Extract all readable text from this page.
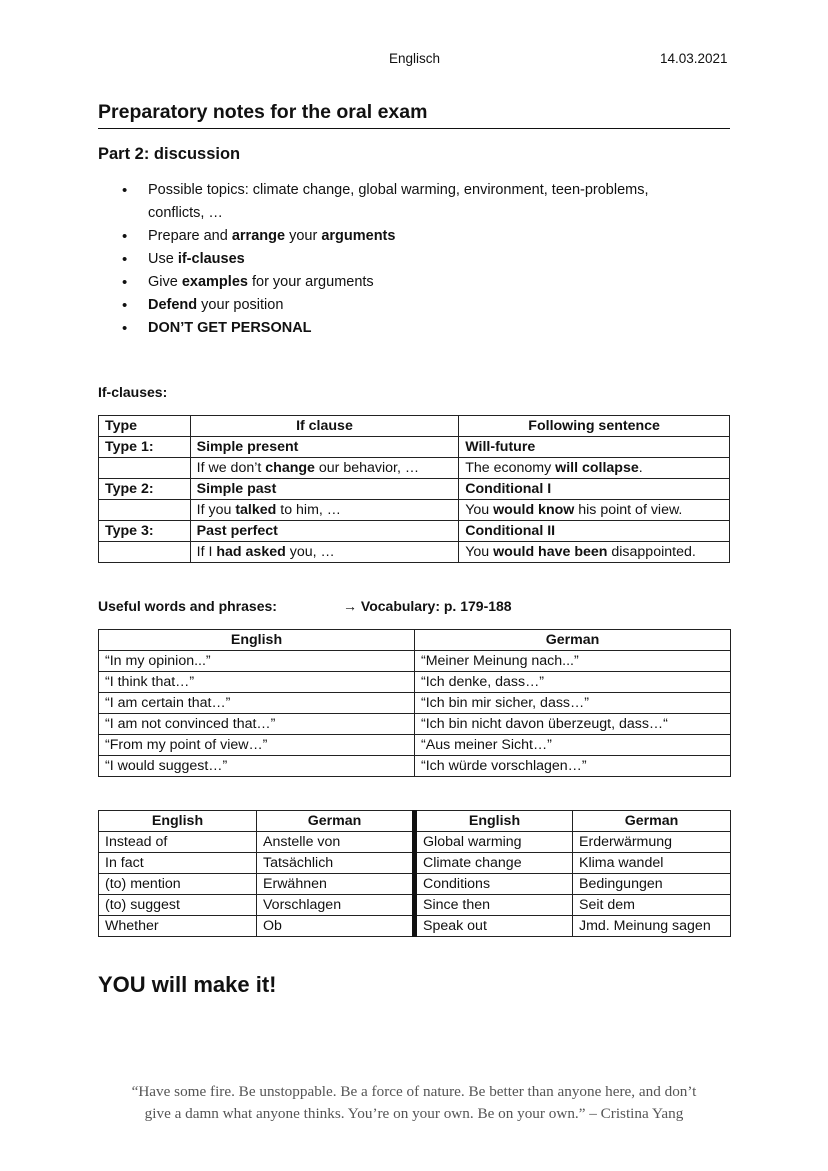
Englisch	14.03.2021
Preparatory notes for the oral exam
Part 2: discussion
• Possible topics: climate change, global warming, environment, teen-problems,
conflicts, …
• Prepare and arrange your arguments
• Use if-clauses
• Give examples for your arguments
• Defend your position
• DON’T GET PERSONAL
If-clauses:
Type	If clause	Following sentence
Type 1:	Simple present	Will-future
	If we don’t change our behavior, …	The economy will collapse.
Type 2:	Simple past	Conditional I
	If you talked to him, …	You would know his point of view.
Type 3:	Past perfect	Conditional II
	If I had asked you, …	You would have been disappointed.
Useful words and phrases:	→ Vocabulary: p. 179-188
English	German
“In my opinion...”	“Meiner Meinung nach...”
“I think that…”	“Ich denke, dass…”
“I am certain that…”	“Ich bin mir sicher, dass…”
“I am not convinced that…”	“Ich bin nicht davon überzeugt, dass…“
“From my point of view…”	“Aus meiner Sicht…”
“I would suggest…”	“Ich würde vorschlagen…”
English	German	English	German
Instead of	Anstelle von	Global warming	Erderwärmung
In fact	Tatsächlich	Climate change	Klima wandel
(to) mention	Erwähnen	Conditions	Bedingungen
(to) suggest	Vorschlagen	Since then	Seit dem
Whether	Ob	Speak out	Jmd. Meinung sagen
YOU will make it!
“Have some fire. Be unstoppable. Be a force of nature. Be better than anyone here, and don’t
give a damn what anyone thinks. You’re on your own. Be on your own.” – Cristina Yang
